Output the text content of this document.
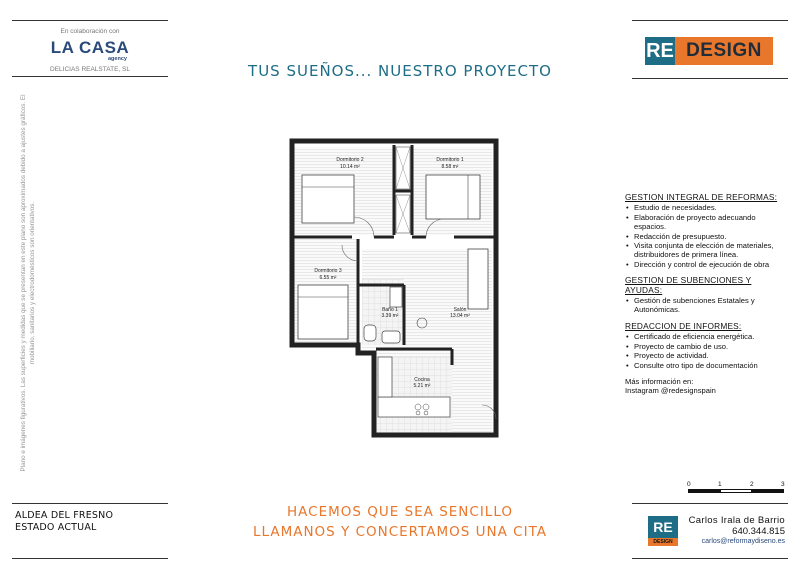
En colaboración con
LA CASA
agency
DELICIAS REALSTATE, SL	TUS SUEÑOS... NUESTRO PROYECTO
RE DESIGN
Plano e imágenes figurativos. Las superficies y medidas que se presentan en este plano son aproximados debido a ajustes gráficos. El mobiliario, sanitarios y electrodomésticos son orientativos.
Dormitorio 2
10.14 m²
Dormitorio 1
8.58 m²
Dormitorio 3
6.55 m²
Baño 1
3.39 m²
Salón
13.04 m²
Cocina
5.21 m²
GESTION INTEGRAL DE REFORMAS:
• Estudio de necesidades.
• Elaboración de proyecto adecuando espacios.
• Redacción de presupuesto.
• Visita conjunta de elección de materiales, distribuidores de primera línea.
• Dirección y control de ejecución de obra
GESTION DE SUBENCIONES Y AYUDAS:
• Gestión de subenciones Estatales y Autonómicas.
REDACCION DE INFORMES:
• Certificado de eficiencia energética.
• Proyecto de cambio de uso.
• Proyecto de actividad.
• Consulte otro tipo de documentación
Más información en:
Instagram @redesignspain
ALDEA DEL FRESNO
ESTADO ACTUAL
HACEMOS QUE SEA SENCILLO
LLAMANOS Y CONCERTAMOS UNA CITA
0	1	2	3
RE
DESIGN
Carlos Irala de Barrio
640.344.815
carlos@reformaydiseno.es
